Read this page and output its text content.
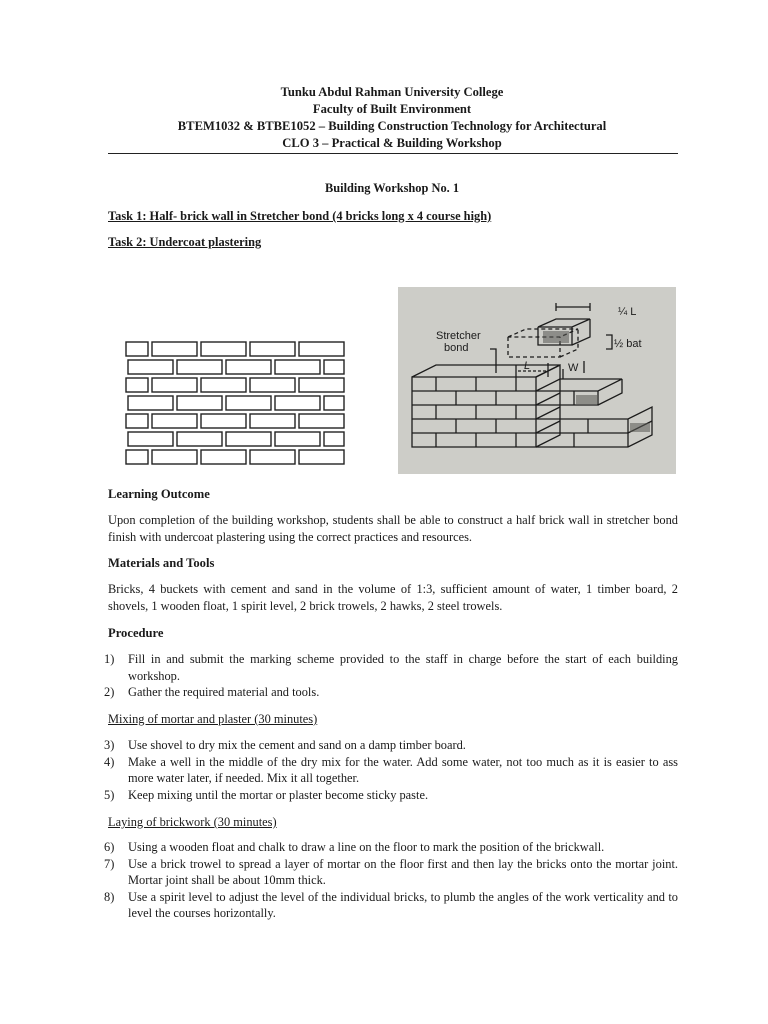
Tunku Abdul Rahman University College
Faculty of Built Environment
BTEM1032 & BTBE1052 – Building Construction Technology for Architectural
CLO 3 – Practical & Building Workshop
Building Workshop No. 1
Task 1: Half- brick wall in Stretcher bond (4 bricks long x 4 course high)
Task 2: Undercoat plastering
Stretcher
bond	½ bat
¼ L
L	W
Learning Outcome
Upon completion of the building workshop, students shall be able to construct a half brick wall in stretcher bond finish with undercoat plastering using the correct practices and resources.
Materials and Tools
Bricks, 4 buckets with cement and sand in the volume of 1:3, sufficient amount of water, 1 timber board, 2 shovels, 1 wooden float, 1 spirit level, 2 brick trowels, 2 hawks, 2 steel trowels.
Procedure
1) Fill in and submit the marking scheme provided to the staff in charge before the start of each building workshop.
2) Gather the required material and tools.
Mixing of mortar and plaster (30 minutes)
3) Use shovel to dry mix the cement and sand on a damp timber board.
4) Make a well in the middle of the dry mix for the water. Add some water, not too much as it is easier to ass more water later, if needed. Mix it all together.
5) Keep mixing until the mortar or plaster become sticky paste.
Laying of brickwork (30 minutes)
6) Using a wooden float and chalk to draw a line on the floor to mark the position of the brickwall.
7) Use a brick trowel to spread a layer of mortar on the floor first and then lay the bricks onto the mortar joint. Mortar joint shall be about 10mm thick.
8) Use a spirit level to adjust the level of the individual bricks, to plumb the angles of the work verticality and to level the courses horizontally.
